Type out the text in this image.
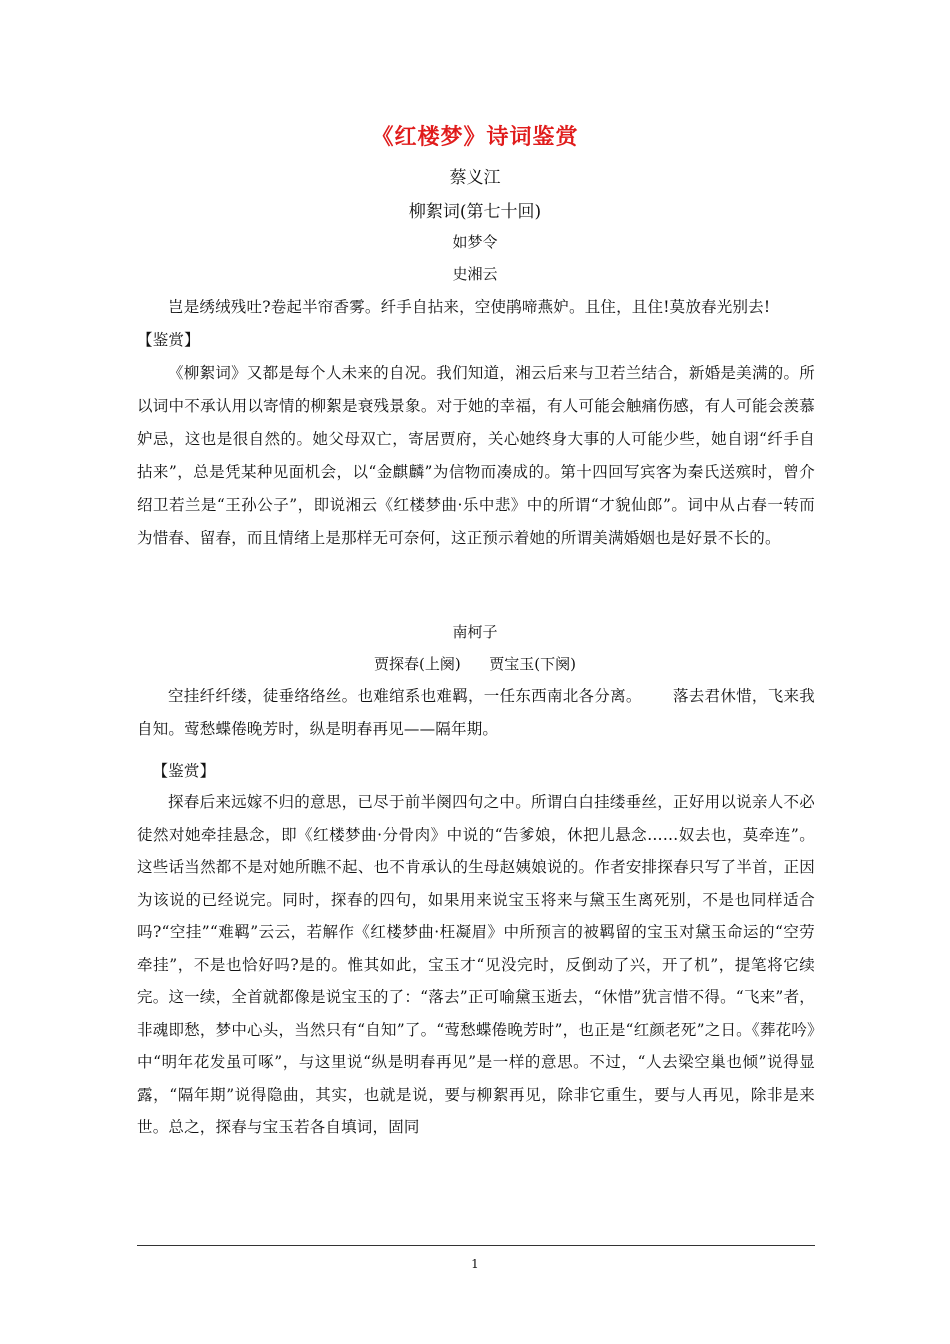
《红楼梦》诗词鉴赏
蔡义江
柳絮词(第七十回)
如梦令
史湘云
岂是绣绒残吐?卷起半帘香雾。纤手自拈来，空使鹃啼燕妒。且住，且住!莫放春光别去!
【鉴赏】
《柳絮词》又都是每个人未来的自况。我们知道，湘云后来与卫若兰结合，新婚是美满的。所以词中不承认用以寄情的柳絮是衰残景象。对于她的幸福，有人可能会触痛伤感，有人可能会羡慕妒忌，这也是很自然的。她父母双亡，寄居贾府，关心她终身大事的人可能少些，她自诩“纤手自拈来”，总是凭某种见面机会，以“金麒麟”为信物而凑成的。第十四回写宾客为秦氏送殡时，曾介绍卫若兰是“王孙公子”，即说湘云《红楼梦曲·乐中悲》中的所谓“才貌仙郎”。词中从占春一转而为惜春、留春，而且情绪上是那样无可奈何，这正预示着她的所谓美满婚姻也是好景不长的。
南柯子
贾探春(上阕)      贾宝玉(下阕)
空挂纤纤缕，徒垂络络丝。也难绾系也难羁，一任东西南北各分离。      落去君休惜，飞来我自知。莺愁蝶倦晚芳时，纵是明春再见——隔年期。
【鉴赏】
探春后来远嫁不归的意思，已尽于前半阕四句之中。所谓白白挂缕垂丝，正好用以说亲人不必徒然对她牵挂悬念，即《红楼梦曲·分骨肉》中说的“告爹娘，休把儿悬念……奴去也，莫牵连”。这些话当然都不是对她所瞧不起、也不肯承认的生母赵姨娘说的。作者安排探春只写了半首，正因为该说的已经说完。同时，探春的四句，如果用来说宝玉将来与黛玉生离死别，不是也同样适合吗?“空挂”“难羁”云云，若解作《红楼梦曲·枉凝眉》中所预言的被羁留的宝玉对黛玉命运的“空劳牵挂”，不是也恰好吗?是的。惟其如此，宝玉才“见没完时，反倒动了兴，开了机”，提笔将它续完。这一续，全首就都像是说宝玉的了：“落去”正可喻黛玉逝去，“休惜”犹言惜不得。“飞来”者，非魂即愁，梦中心头，当然只有“自知”了。“莺愁蝶倦晚芳时”，也正是“红颜老死”之日。《葬花吟》中“明年花发虽可啄”，与这里说“纵是明春再见”是一样的意思。不过，“人去梁空巢也倾”说得显露，“隔年期”说得隐曲，其实，也就是说，要与柳絮再见，除非它重生，要与人再见，除非是来世。总之，探春与宝玉若各自填词，固同
1
